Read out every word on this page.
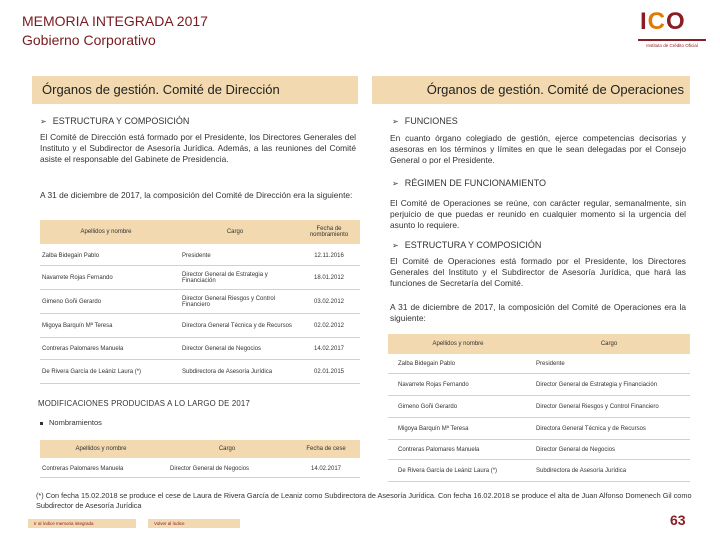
MEMORIA INTEGRADA 2017
Gobierno Corporativo
ICO
Instituto de Crédito Oficial
Órganos de gestión. Comité de Dirección	Órganos de gestión. Comité de Operaciones
➢ ESTRUCTURA Y COMPOSICIÓN
El Comité de Dirección está formado por el Presidente, los Directores Generales del Instituto y el Subdirector de Asesoría Jurídica. Además, a las reuniones del Comité asiste el responsable del Gabinete de Presidencia.
A 31 de diciembre de 2017, la composición del Comité de Dirección era la siguiente:
Apellidos y nombre	Cargo	Fecha de nombramiento
Zalba Bidegain Pablo	Presidente	12.11.2016
Navarrete Rojas Fernando	Director General de Estrategia y Financiación	18.01.2012
Gimeno Goñi Gerardo	Director General Riesgos y Control Financiero	03.02.2012
Migoya Barquín Mª Teresa	Directora General Técnica y de Recursos	02.02.2012
Contreras Palomares Manuela	Director General de Negocios	14.02.2017
De Rivera García de Leániz Laura (*)	Subdirectora de Asesoría Jurídica	02.01.2015
MODIFICACIONES PRODUCIDAS A LO LARGO DE 2017
Nombramientos
Apellidos y nombre	Cargo	Fecha de cese
Contreras Palomares Manuela	Director General de Negocios	14.02.2017
➢ FUNCIONES
En cuanto órgano colegiado de gestión, ejerce competencias decisorias y asesoras en los términos y límites en que le sean delegadas por el Consejo General o por el Presidente.
➢ RÉGIMEN DE FUNCIONAMIENTO
El Comité de Operaciones se reúne, con carácter regular, semanalmente, sin perjuicio de que puedas er reunido en cualquier momento si la urgencia del asunto lo requiere.
➢ ESTRUCTURA Y COMPOSICIÓN
El Comité de Operaciones está formado por el Presidente, los Directores Generales del Instituto y el Subdirector de Asesoría Jurídica, que hará las funciones de Secretaría del Comité.
A 31 de diciembre de 2017, la composición del Comité de Operaciones era la siguiente:
Apellidos y nombre	Cargo
Zalba Bidegain Pablo	Presidente
Navarrete Rojas Fernando	Director General de Estrategia y Financiación
Gimeno Goñi Gerardo	Director General Riesgos y Control Financiero
Migoya Barquín Mª Teresa	Directora General Técnica y de Recursos
Contreras Palomares Manuela	Director General de Negocios
De Rivera García de Leániz Laura (*)	Subdirectora de Asesoría Jurídica
(*) Con fecha 15.02.2018 se produce el cese de Laura de Rivera García de Leaniz como Subdirectora de Asesoría Jurídica. Con fecha 16.02.2018 se produce el alta de Juan Alfonso Domenech Gil como Subdirector de Asesoría Jurídica
Ir al índice memoria integrada	Volver al índice	63
